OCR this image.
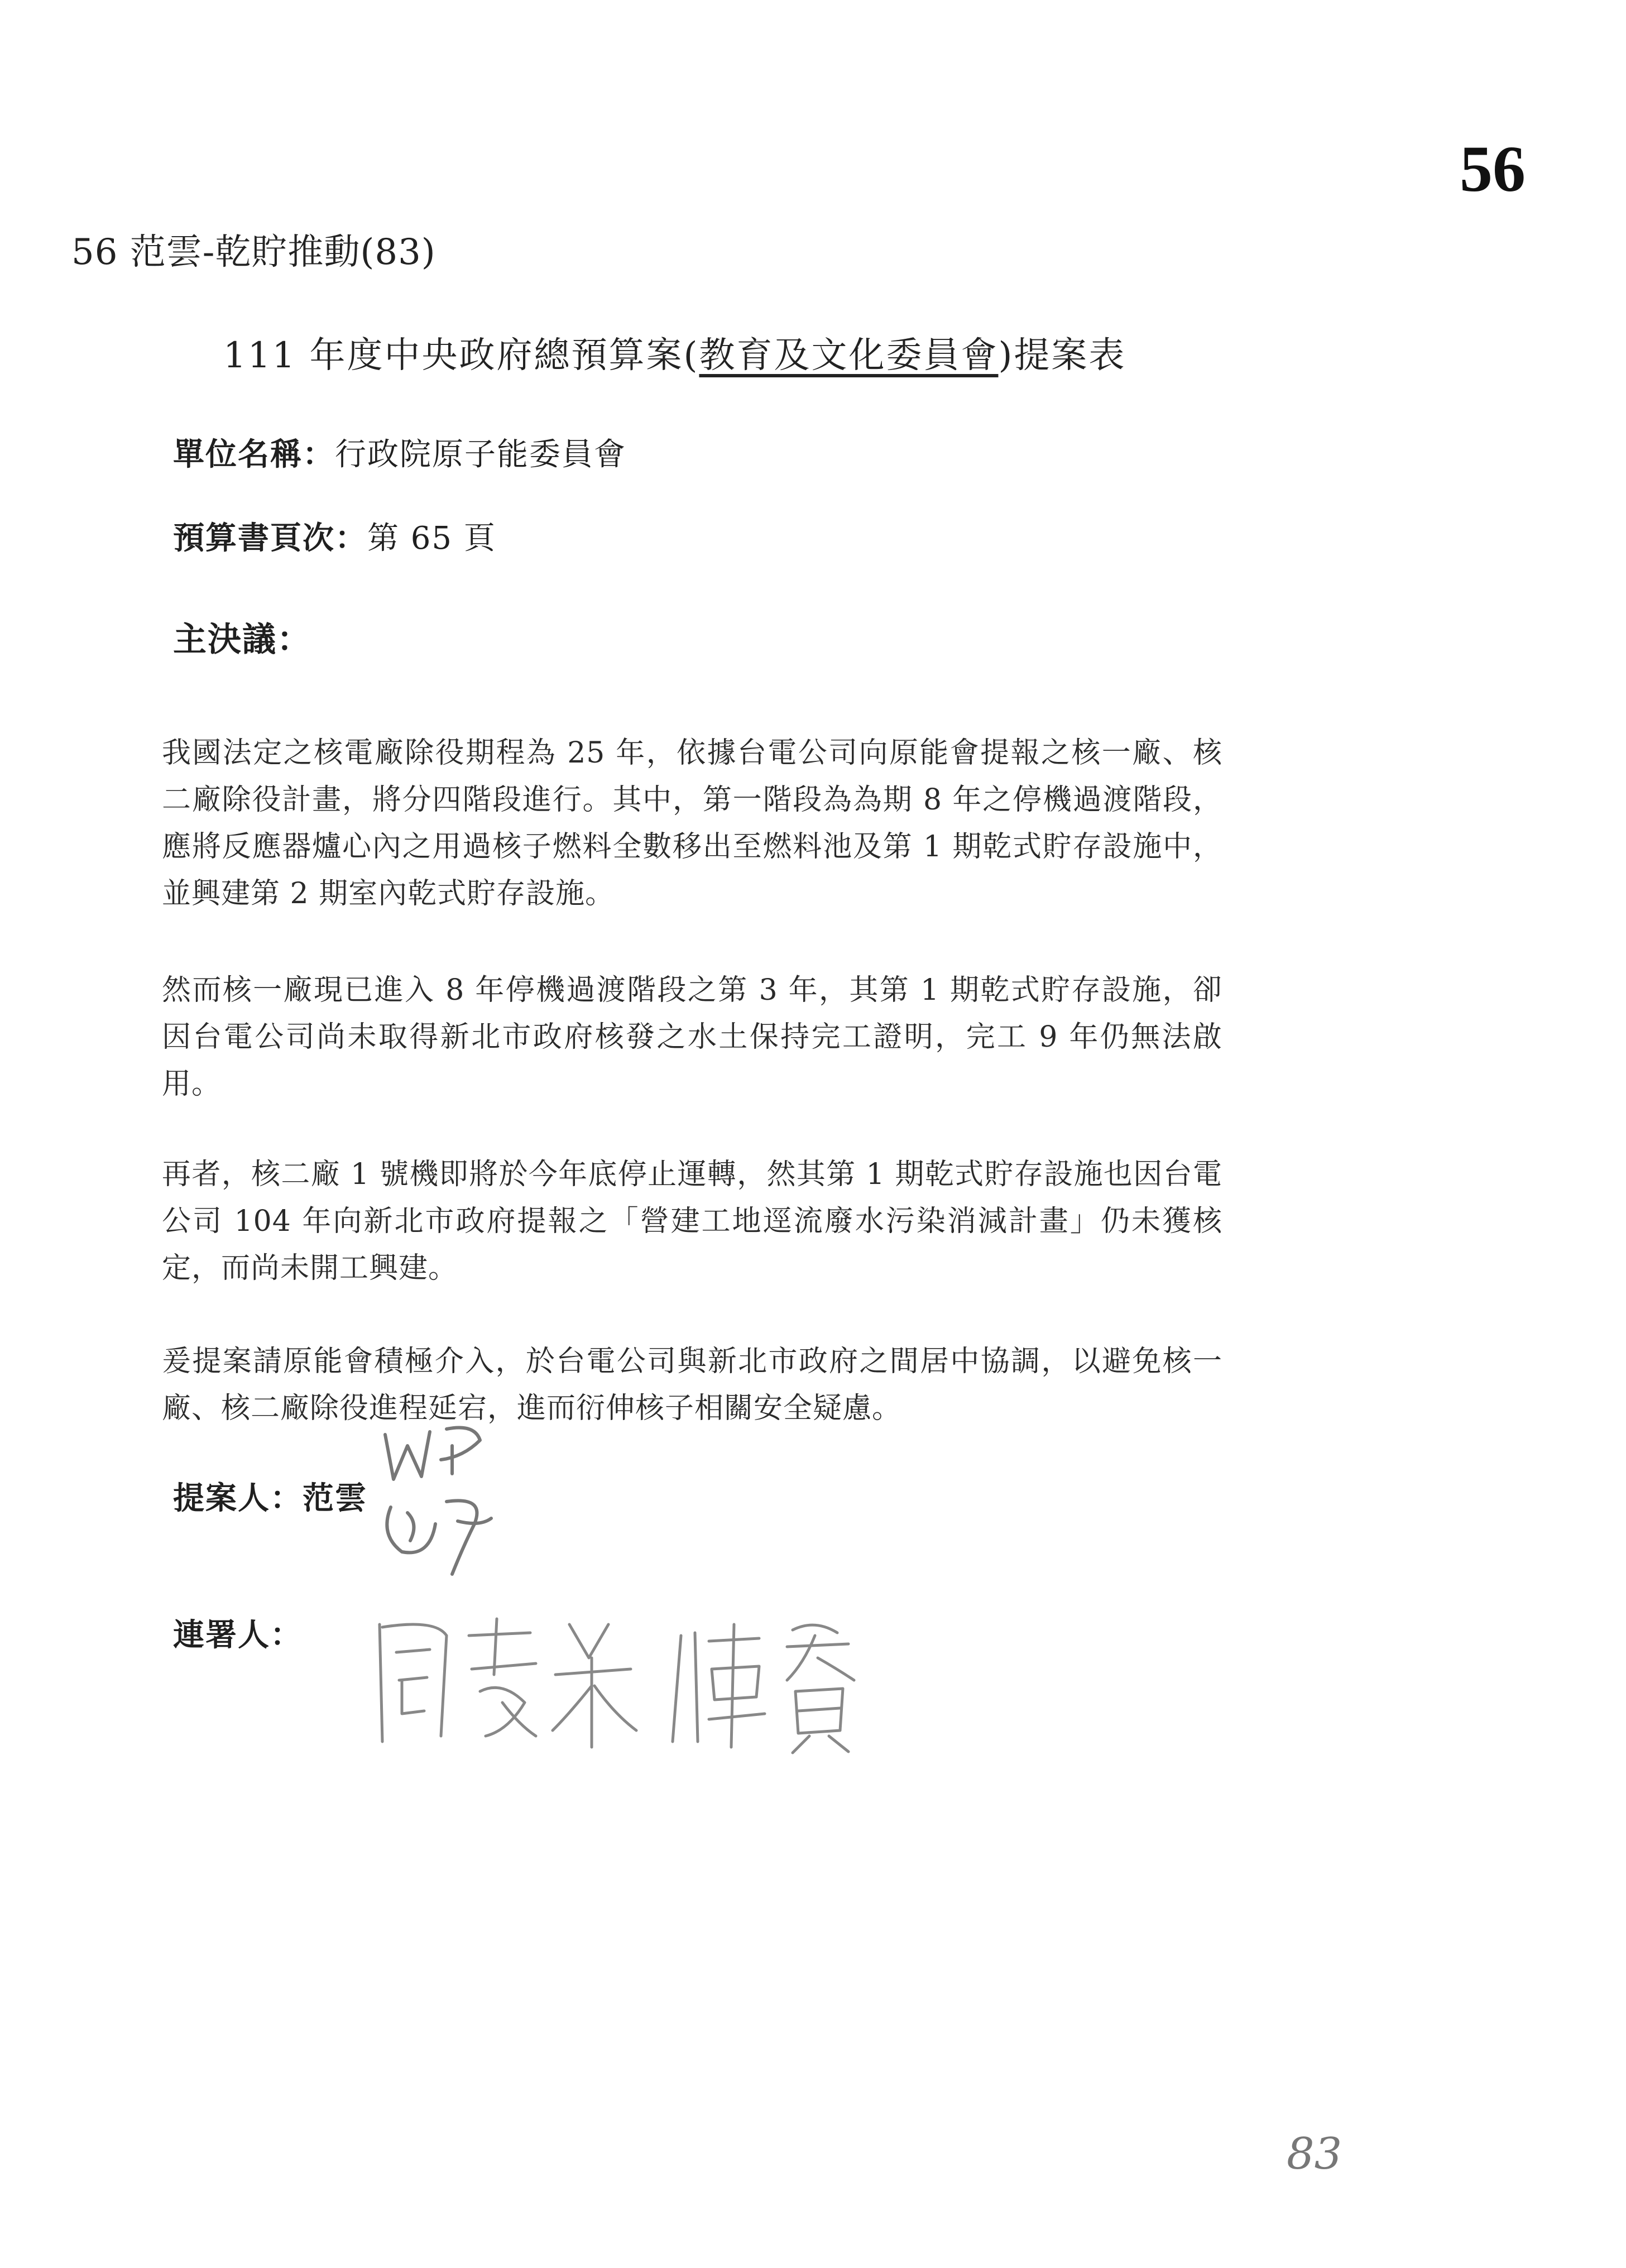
56
56 范雲-乾貯推動(83)
111 年度中央政府總預算案(教育及文化委員會)提案表
單位名稱：行政院原子能委員會
預算書頁次：第 65 頁
主決議：

我國法定之核電廠除役期程為 25 年，依據台電公司向原能會提報之核一廠、核二廠除役計畫，將分四階段進行。其中，第一階段為為期 8 年之停機過渡階段，應將反應器爐心內之用過核子燃料全數移出至燃料池及第 1 期乾式貯存設施中，並興建第 2 期室內乾式貯存設施。

然而核一廠現已進入 8 年停機過渡階段之第 3 年，其第 1 期乾式貯存設施，卻因台電公司尚未取得新北市政府核發之水土保持完工證明，完工 9 年仍無法啟用。

再者，核二廠 1 號機即將於今年底停止運轉，然其第 1 期乾式貯存設施也因台電公司 104 年向新北市政府提報之「營建工地逕流廢水污染消減計畫」仍未獲核定，而尚未開工興建。

爰提案請原能會積極介入，於台電公司與新北市政府之間居中協調，以避免核一廠、核二廠除役進程延宕，進而衍伸核子相關安全疑慮。

提案人：范雲
連署人：
83
